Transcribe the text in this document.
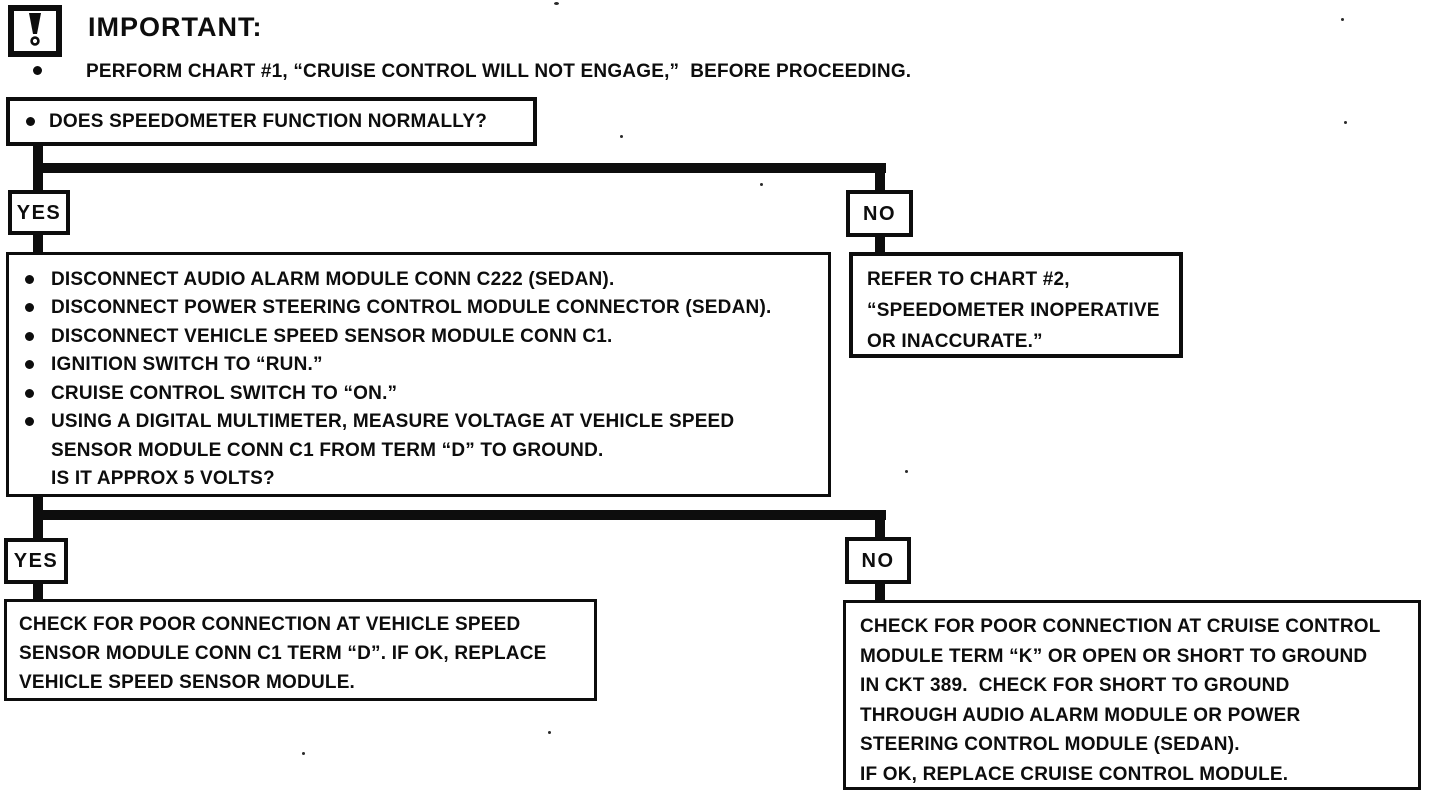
IMPORTANT:
PERFORM CHART #1, “CRUISE CONTROL WILL NOT ENGAGE,”  BEFORE PROCEEDING.
DOES SPEEDOMETER FUNCTION NORMALLY?
YES	NO
DISCONNECT AUDIO ALARM MODULE CONN C222 (SEDAN).
DISCONNECT POWER STEERING CONTROL MODULE CONNECTOR (SEDAN).
DISCONNECT VEHICLE SPEED SENSOR MODULE CONN C1.
IGNITION SWITCH TO “RUN.”
CRUISE CONTROL SWITCH TO “ON.”
USING A DIGITAL MULTIMETER, MEASURE VOLTAGE AT VEHICLE SPEED
SENSOR MODULE CONN C1 FROM TERM “D” TO GROUND.
IS IT APPROX 5 VOLTS?
REFER TO CHART #2,
“SPEEDOMETER INOPERATIVE
OR INACCURATE.”
YES	NO
CHECK FOR POOR CONNECTION AT VEHICLE SPEED
SENSOR MODULE CONN C1 TERM “D”. IF OK, REPLACE
VEHICLE SPEED SENSOR MODULE.
CHECK FOR POOR CONNECTION AT CRUISE CONTROL
MODULE TERM “K” OR OPEN OR SHORT TO GROUND
IN CKT 389.  CHECK FOR SHORT TO GROUND
THROUGH AUDIO ALARM MODULE OR POWER
STEERING CONTROL MODULE (SEDAN).
IF OK, REPLACE CRUISE CONTROL MODULE.
